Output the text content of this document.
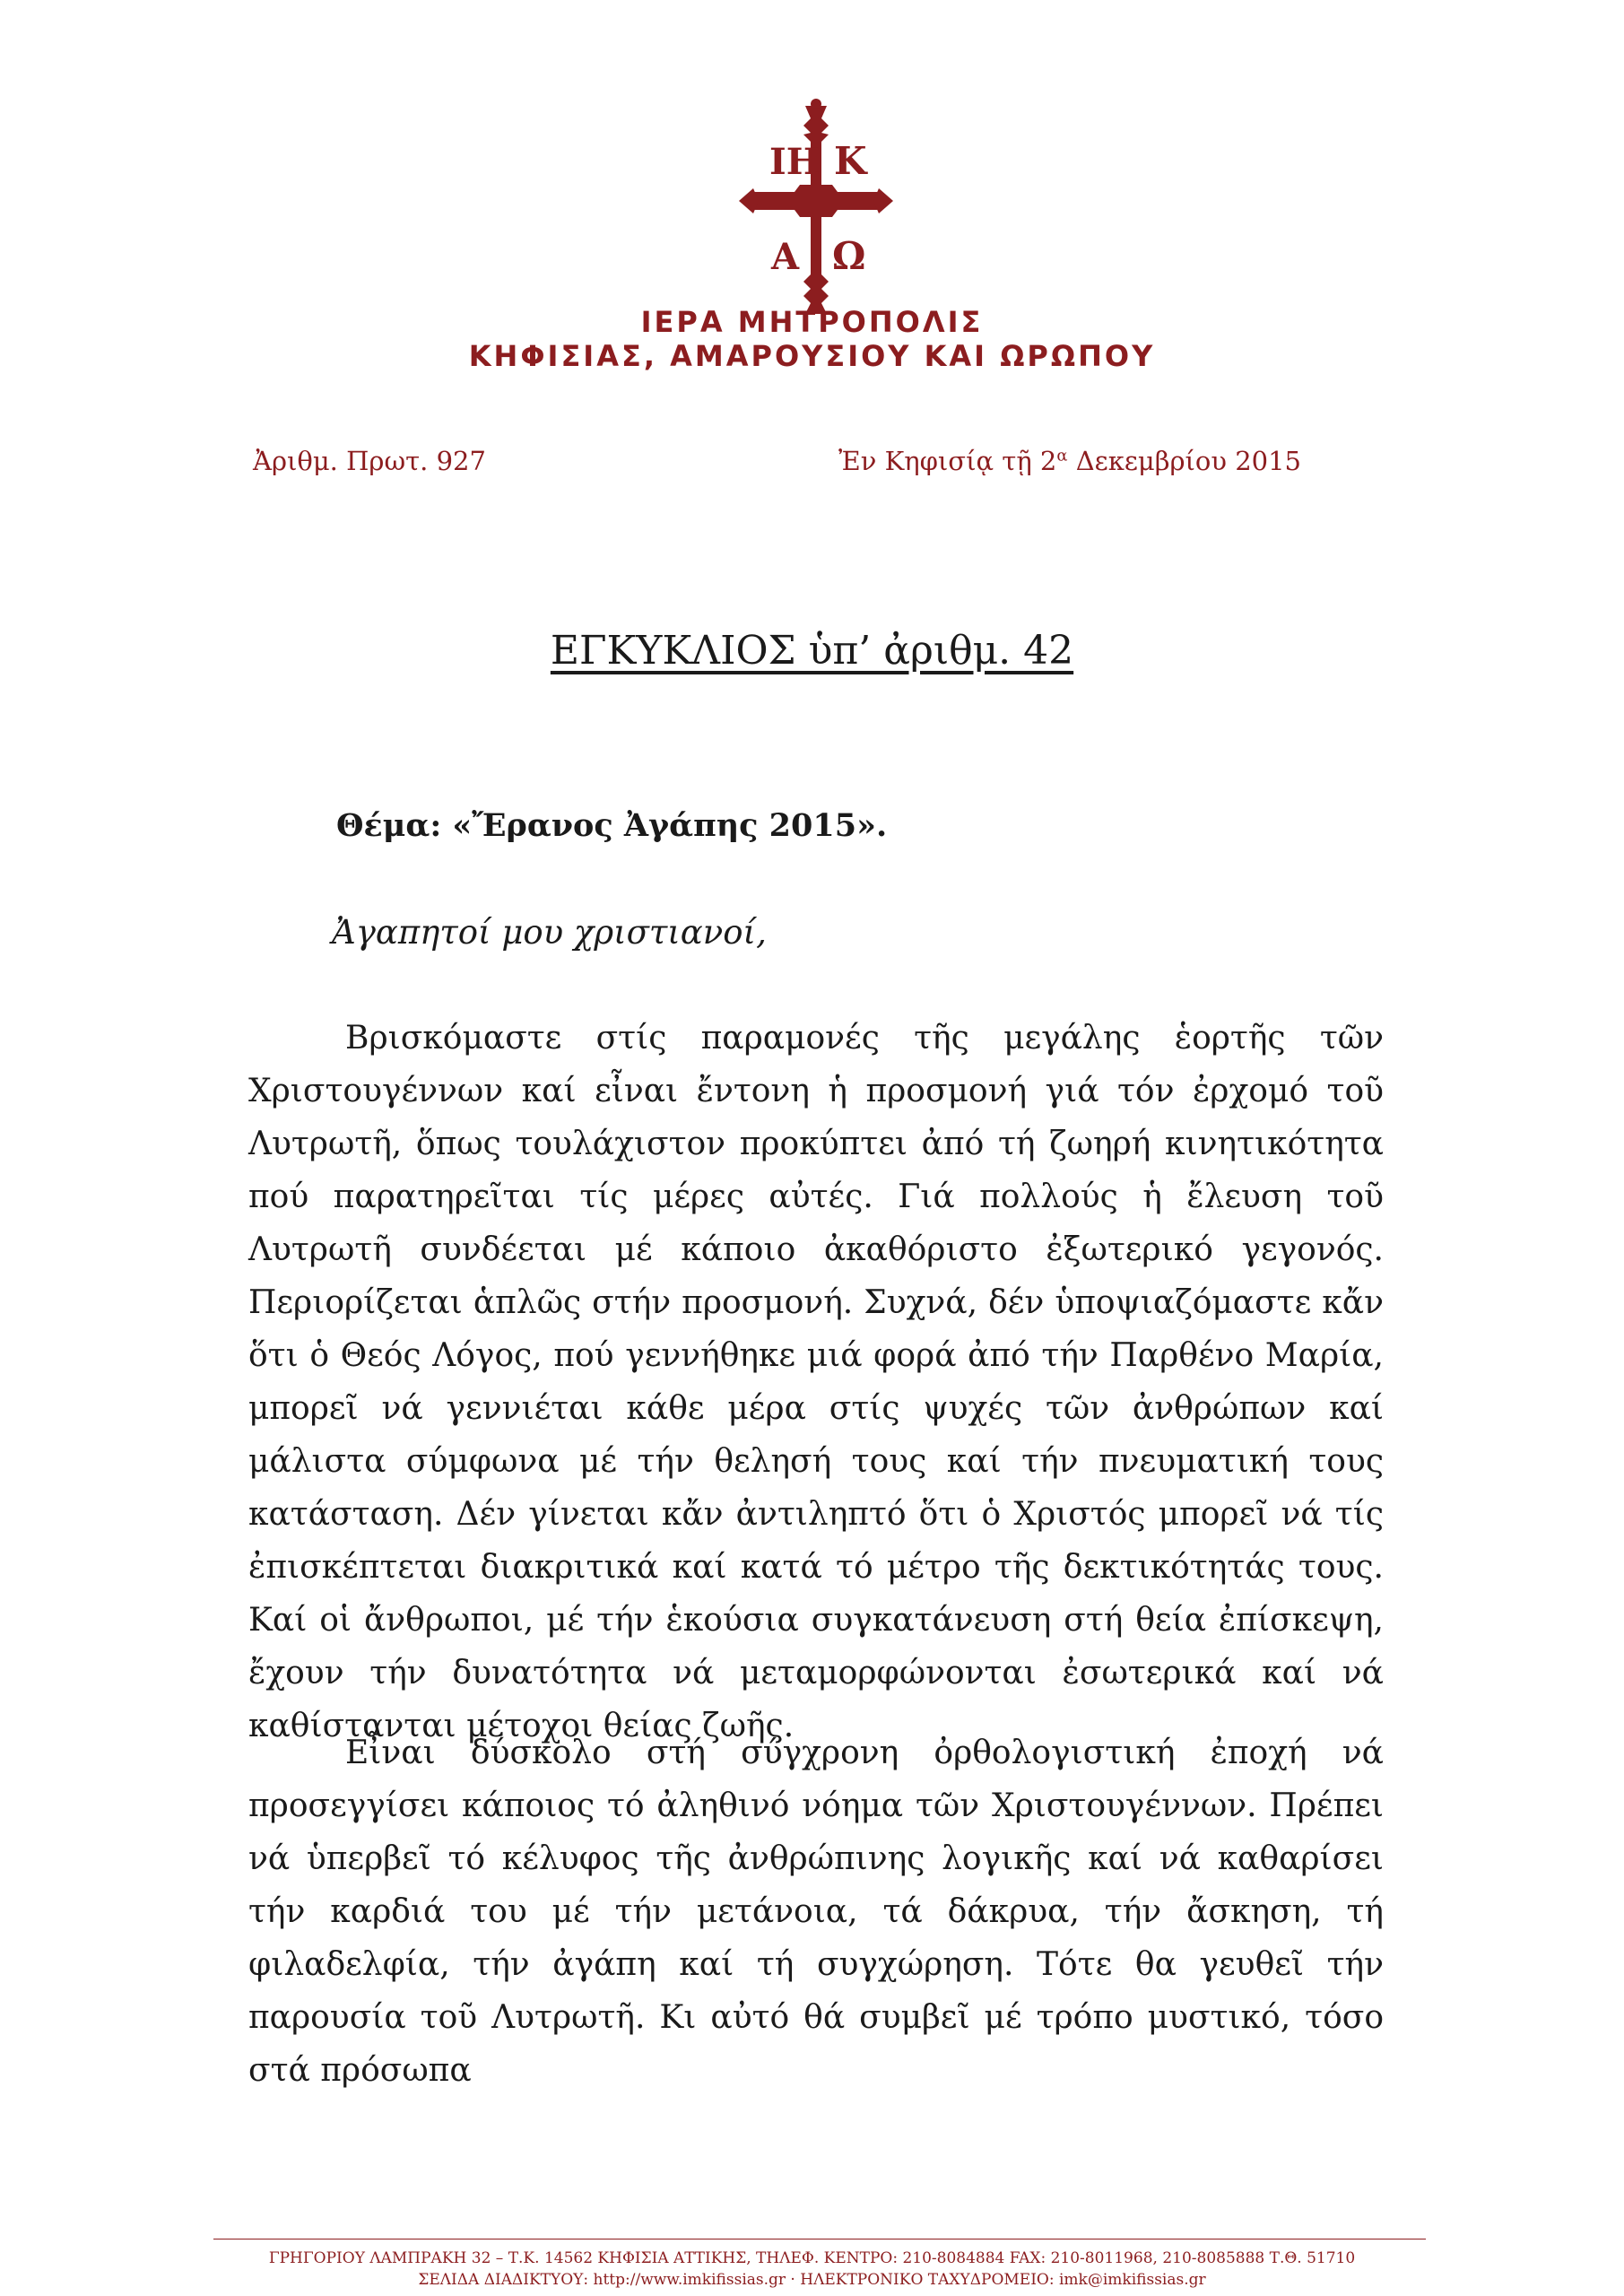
ΙΗ Κ
Α Ω
ΙΕΡΑ ΜΗΤΡΟΠΟΛΙΣ
ΚΗΦΙΣΙΑΣ, ΑΜΑΡΟΥΣΙΟΥ ΚΑΙ ΩΡΩΠΟΥ
Ἀριθμ. Πρωτ. 927	Ἐν Κηφισίᾳ τῇ $2^\alpha$ Δεκεμβρίου 2015
ΕΓΚΥΚΛΙΟΣ ὑπ’ ἀριθμ. 42
Θέμα: «Ἔρανος Ἀγάπης 2015».
Ἀγαπητοί μου χριστιανοί,

Βρισκόμαστε στίς παραμονές τῆς μεγάλης ἑορτῆς τῶν Χριστουγέννων καί εἶναι ἔντονη ἡ προσμονή γιά τόν ἐρχομό τοῦ Λυτρωτῆ, ὅπως τουλάχιστον προκύπτει ἀπό τή ζωηρή κινητικότητα πού παρατηρεῖται τίς μέρες αὐτές. Γιά πολλούς ἡ ἔλευση τοῦ Λυτρωτῆ συνδέεται μέ κάποιο ἀκαθόριστο ἐξωτερικό γεγονός. Περιορίζεται ἁπλῶς στήν προσμονή. Συχνά, δέν ὑποψιαζόμαστε κἄν ὅτι ὁ Θεός Λόγος, πού γεννήθηκε μιά φορά ἀπό τήν Παρθένο Μαρία, μπορεῖ νά γεννιέται κάθε μέρα στίς ψυχές τῶν ἀνθρώπων καί μάλιστα σύμφωνα μέ τήν θελησή τους καί τήν πνευματική τους κατάσταση. Δέν γίνεται κἄν ἀντιληπτό ὅτι ὁ Χριστός μπορεῖ νά τίς ἐπισκέπτεται διακριτικά καί κατά τό μέτρο τῆς δεκτικότητάς τους. Καί οἱ ἄνθρωποι, μέ τήν ἑκούσια συγκατάνευση στή θεία ἐπίσκεψη, ἔχουν τήν δυνατότητα νά μεταμορφώνονται ἐσωτερικά καί νά καθίστανται μέτοχοι θείας ζωῆς.

Εἶναι δύσκολο στή σύγχρονη ὀρθολογιστική ἐποχή νά προσεγγίσει κάποιος τό ἀληθινό νόημα τῶν Χριστουγέννων. Πρέπει νά ὑπερβεῖ τό κέλυφος τῆς ἀνθρώπινης λογικῆς καί νά καθαρίσει τήν καρδιά του μέ τήν μετάνοια, τά δάκρυα, τήν ἄσκηση, τή φιλαδελφία, τήν ἀγάπη καί τή συγχώρηση. Τότε θα γευθεῖ τήν παρουσία τοῦ Λυτρωτῆ. Κι αὐτό θά συμβεῖ μέ τρόπο μυστικό, τόσο στά πρόσωπα

ΓΡΗΓΟΡΙΟΥ ΛΑΜΠΡΑΚΗ 32 – Τ.Κ. 14562 ΚΗΦΙΣΙΑ ΑΤΤΙΚΗΣ, ΤΗΛΕΦ. ΚΕΝΤΡΟ: 210-8084884 FAX: 210-8011968, 210-8085888 Τ.Θ. 51710
ΣΕΛΙΔΑ ΔΙΑΔΙΚΤΥΟΥ: http://www.imkifissias.gr · ΗΛΕΚΤΡΟΝΙΚΟ ΤΑΧΥΔΡΟΜΕΙΟ: imk@imkifissias.gr
